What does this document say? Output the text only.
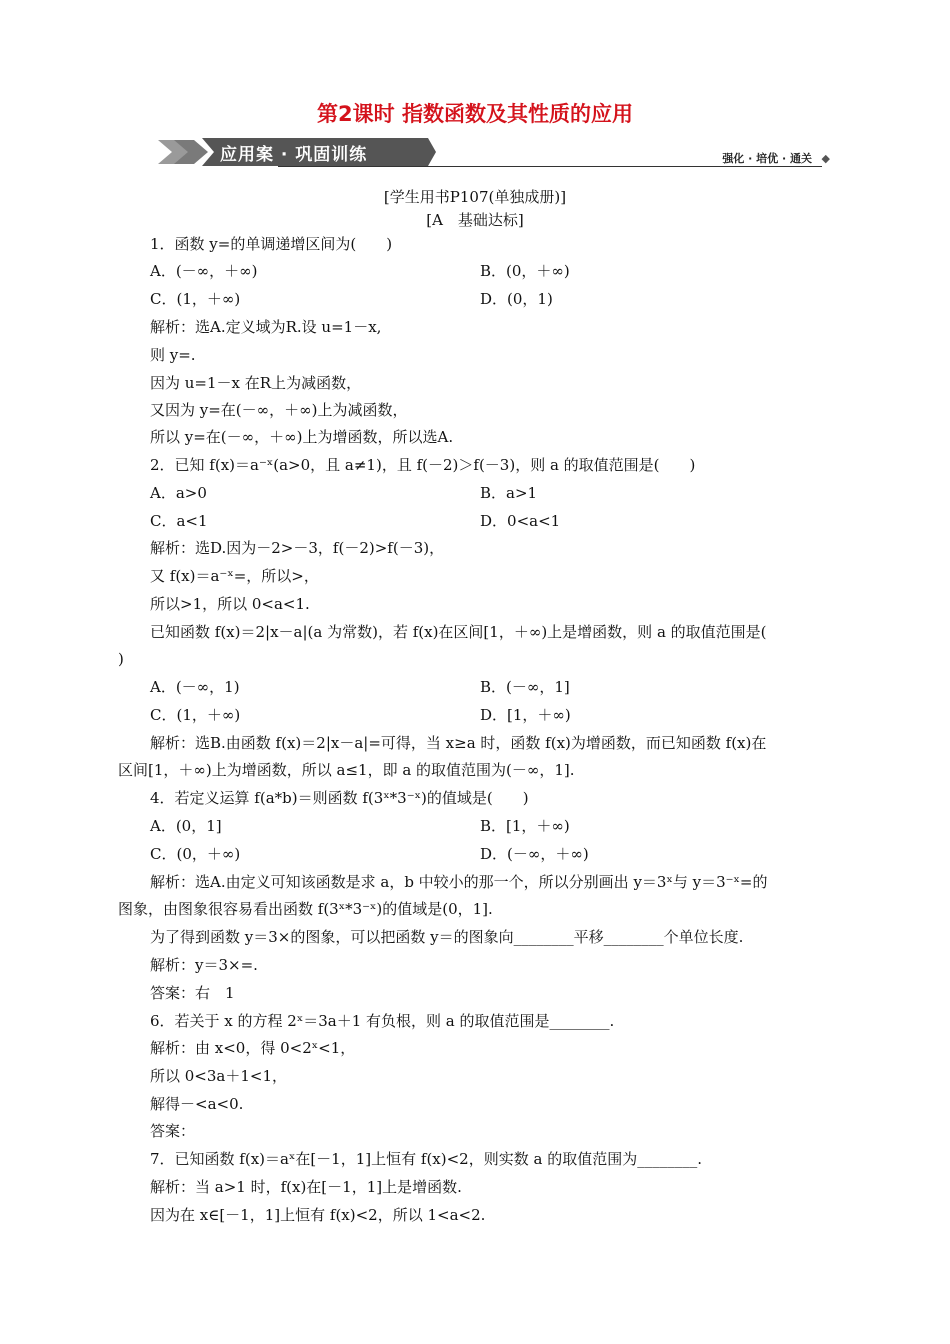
第2课时 指数函数及其性质的应用
应用案 · 巩固训练	强化 · 培优 · 通关 ◆
[学生用书P107(单独成册)]
[A　基础达标]
1．函数 y=的单调递增区间为(　　)
A．(－∞，＋∞)	B．(0，＋∞)
C．(1，＋∞)	D．(0，1)
解析：选A.定义域为R.设 u=1－x,
则 y=.
因为 u=1－x 在R上为减函数，
又因为 y=在(－∞，＋∞)上为减函数，
所以 y=在(－∞，＋∞)上为增函数，所以选A.
2．已知 f(x)＝a⁻ˣ(a>0，且 a≠1)，且 f(－2)＞f(－3)，则 a 的取值范围是(　　)
A．a>0	B．a>1
C．a<1	D．0<a<1
解析：选D.因为－2>－3，f(－2)>f(－3)，
又 f(x)＝a⁻ˣ=，所以>，
所以>1，所以 0<a<1.
已知函数 f(x)＝2|x－a|(a 为常数)，若 f(x)在区间[1，＋∞)上是增函数，则 a 的取值范围是(
)
A．(－∞，1)	B．(－∞，1]
C．(1，＋∞)	D．[1，＋∞)
解析：选B.由函数 f(x)＝2|x－a|=可得，当 x≥a 时，函数 f(x)为增函数，而已知函数 f(x)在
区间[1，＋∞)上为增函数，所以 a≤1，即 a 的取值范围为(－∞，1].
4．若定义运算 f(a*b)＝则函数 f(3ˣ*3⁻ˣ)的值域是(　　)
A．(0，1]	B．[1，＋∞)
C．(0，＋∞)	D．(－∞，＋∞)
解析：选A.由定义可知该函数是求 a，b 中较小的那一个，所以分别画出 y＝3ˣ与 y＝3⁻ˣ=的
图象，由图象很容易看出函数 f(3ˣ*3⁻ˣ)的值域是(0，1].
为了得到函数 y＝3×的图象，可以把函数 y＝的图象向________平移________个单位长度.
解析：y＝3×=.
答案：右　1
6．若关于 x 的方程 2ˣ＝3a＋1 有负根，则 a 的取值范围是________.
解析：由 x<0，得 0<2ˣ<1，
所以 0<3a＋1<1，
解得－<a<0.
答案：
7．已知函数 f(x)＝aˣ在[－1，1]上恒有 f(x)<2，则实数 a 的取值范围为________.
解析：当 a>1 时，f(x)在[－1，1]上是增函数.
因为在 x∈[－1，1]上恒有 f(x)<2，所以 1<a<2.
